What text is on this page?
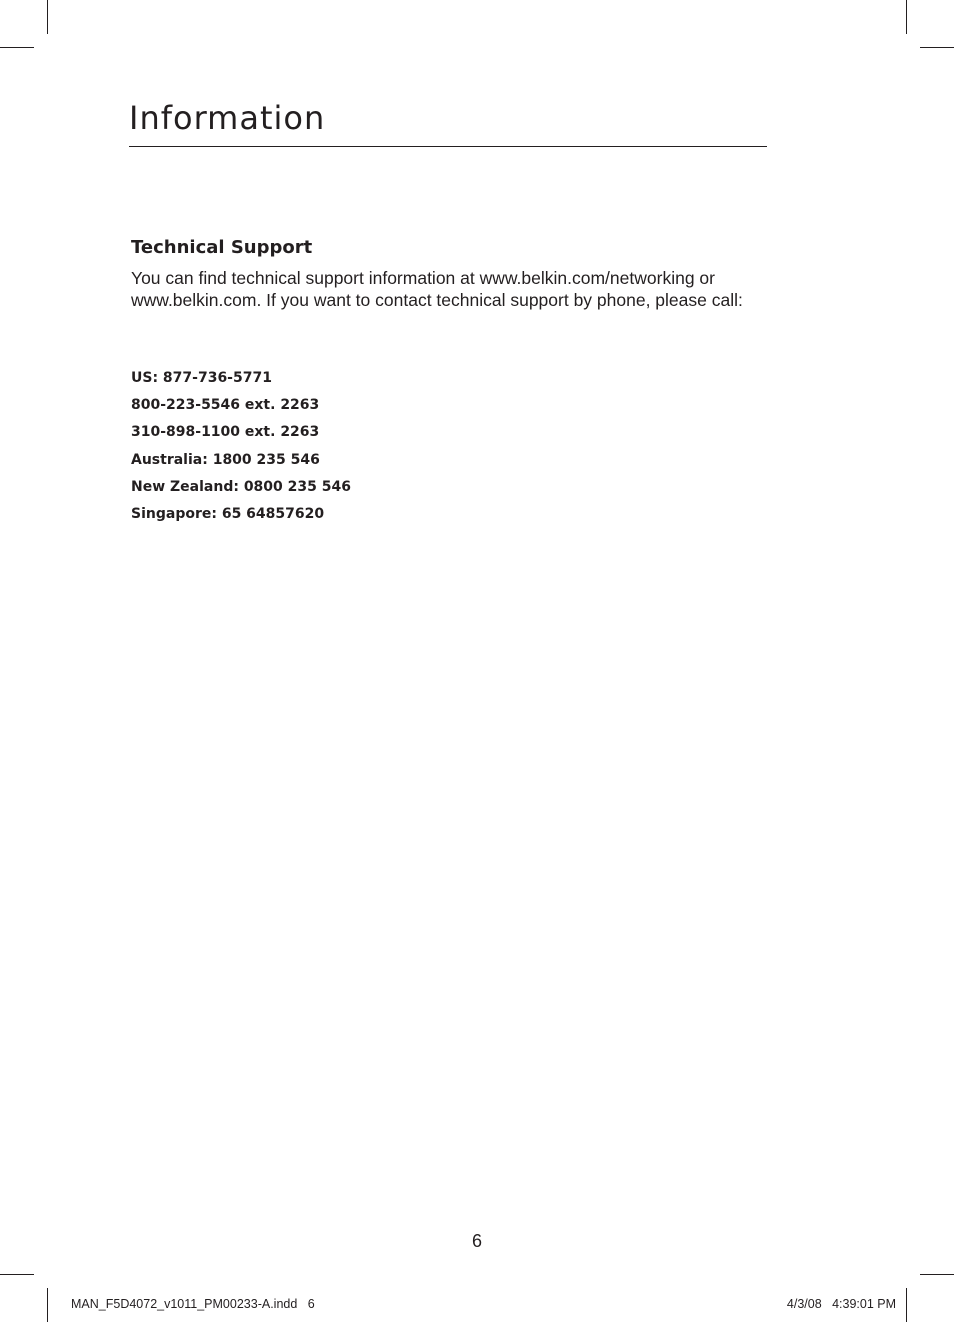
Information
Technical Support

You can find technical support information at www.belkin.com/networking or www.belkin.com. If you want to contact technical support by phone, please call:

US: 877-736-5771
800-223-5546 ext. 2263
310-898-1100 ext. 2263
Australia: 1800 235 546
New Zealand: 0800 235 546
Singapore: 65 64857620
6
MAN_F5D4072_v1011_PM00233-A.indd   6	4/3/08   4:39:01 PM
